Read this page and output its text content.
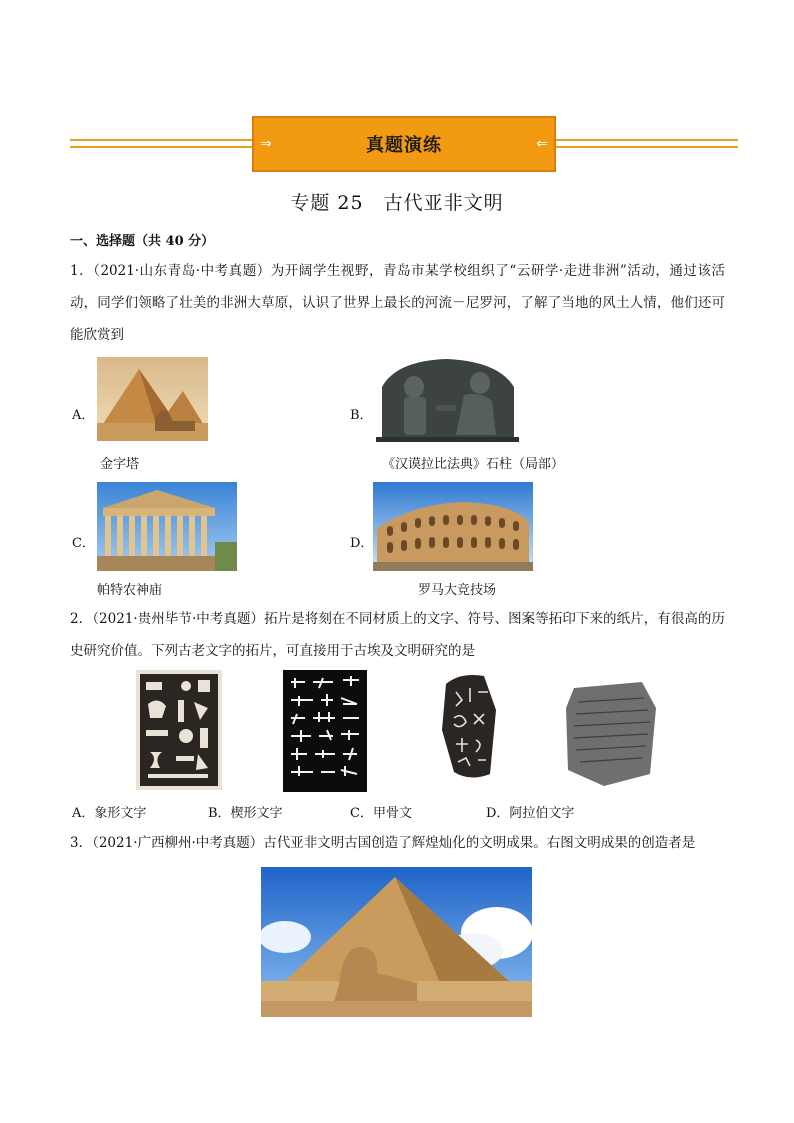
⇒	真题演练	⇐
专题 25　古代亚非文明
一、选择题（共 40 分）
1．（2021·山东青岛·中考真题）为开阔学生视野，青岛市某学校组织了“云研学·走进非洲”活动，通过该活动，同学们领略了壮美的非洲大草原，认识了世界上最长的河流－尼罗河，了解了当地的风土人情，他们还可能欣赏到
A．
金字塔
B．
《汉谟拉比法典》石柱（局部）
C．
帕特农神庙
D．
罗马大竞技场
2．（2021·贵州毕节·中考真题）拓片是将刻在不同材质上的文字、符号、图案等拓印下来的纸片，有很高的历史研究价值。下列古老文字的拓片，可直接用于古埃及文明研究的是
A．象形文字	B．楔形文字	C．甲骨文	D．阿拉伯文字
3．（2021·广西柳州·中考真题）古代亚非文明古国创造了辉煌灿化的文明成果。右图文明成果的创造者是
